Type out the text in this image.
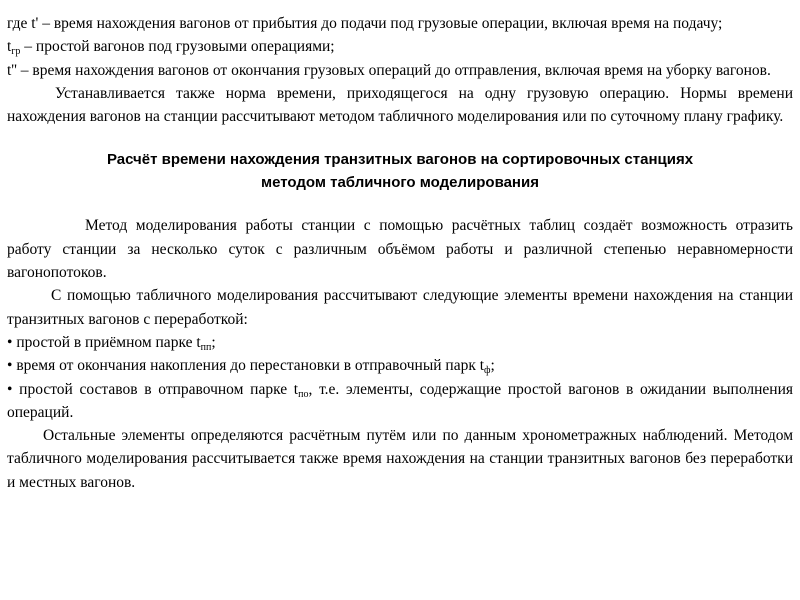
где t' – время нахождения вагонов от прибытия до подачи под грузовые операции, включая время на подачу;

$t_{гр}$ – простой вагонов под грузовыми операциями;

t'' – время нахождения вагонов от окончания грузовых операций до отправления, включая время на уборку вагонов.

Устанавливается также норма времени, приходящегося на одну грузовую операцию. Нормы времени нахождения вагонов на станции рассчитывают методом табличного моделирования или по суточному плану графику.

Расчёт времени нахождения транзитных вагонов на сортировочных станциях
методом табличного моделирования

Метод моделирования работы станции с помощью расчётных таблиц создаёт возможность отразить работу станции за несколько суток с различным объёмом работы и различной степенью неравномерности вагонопотоков.

С помощью табличного моделирования рассчитывают следующие элементы времени нахождения на станции транзитных вагонов с переработкой:

• простой в приёмном парке $t_{пп}$;

• время от окончания накопления до перестановки в отправочный парк $t_ф$;

• простой составов в отправочном парке $t_{по}$, т.е. элементы, содержащие простой вагонов в ожидании выполнения операций.

Остальные элементы определяются расчётным путём или по данным хронометражных наблюдений. Методом табличного моделирования рассчитывается также время нахождения на станции транзитных вагонов без переработки и местных вагонов.
